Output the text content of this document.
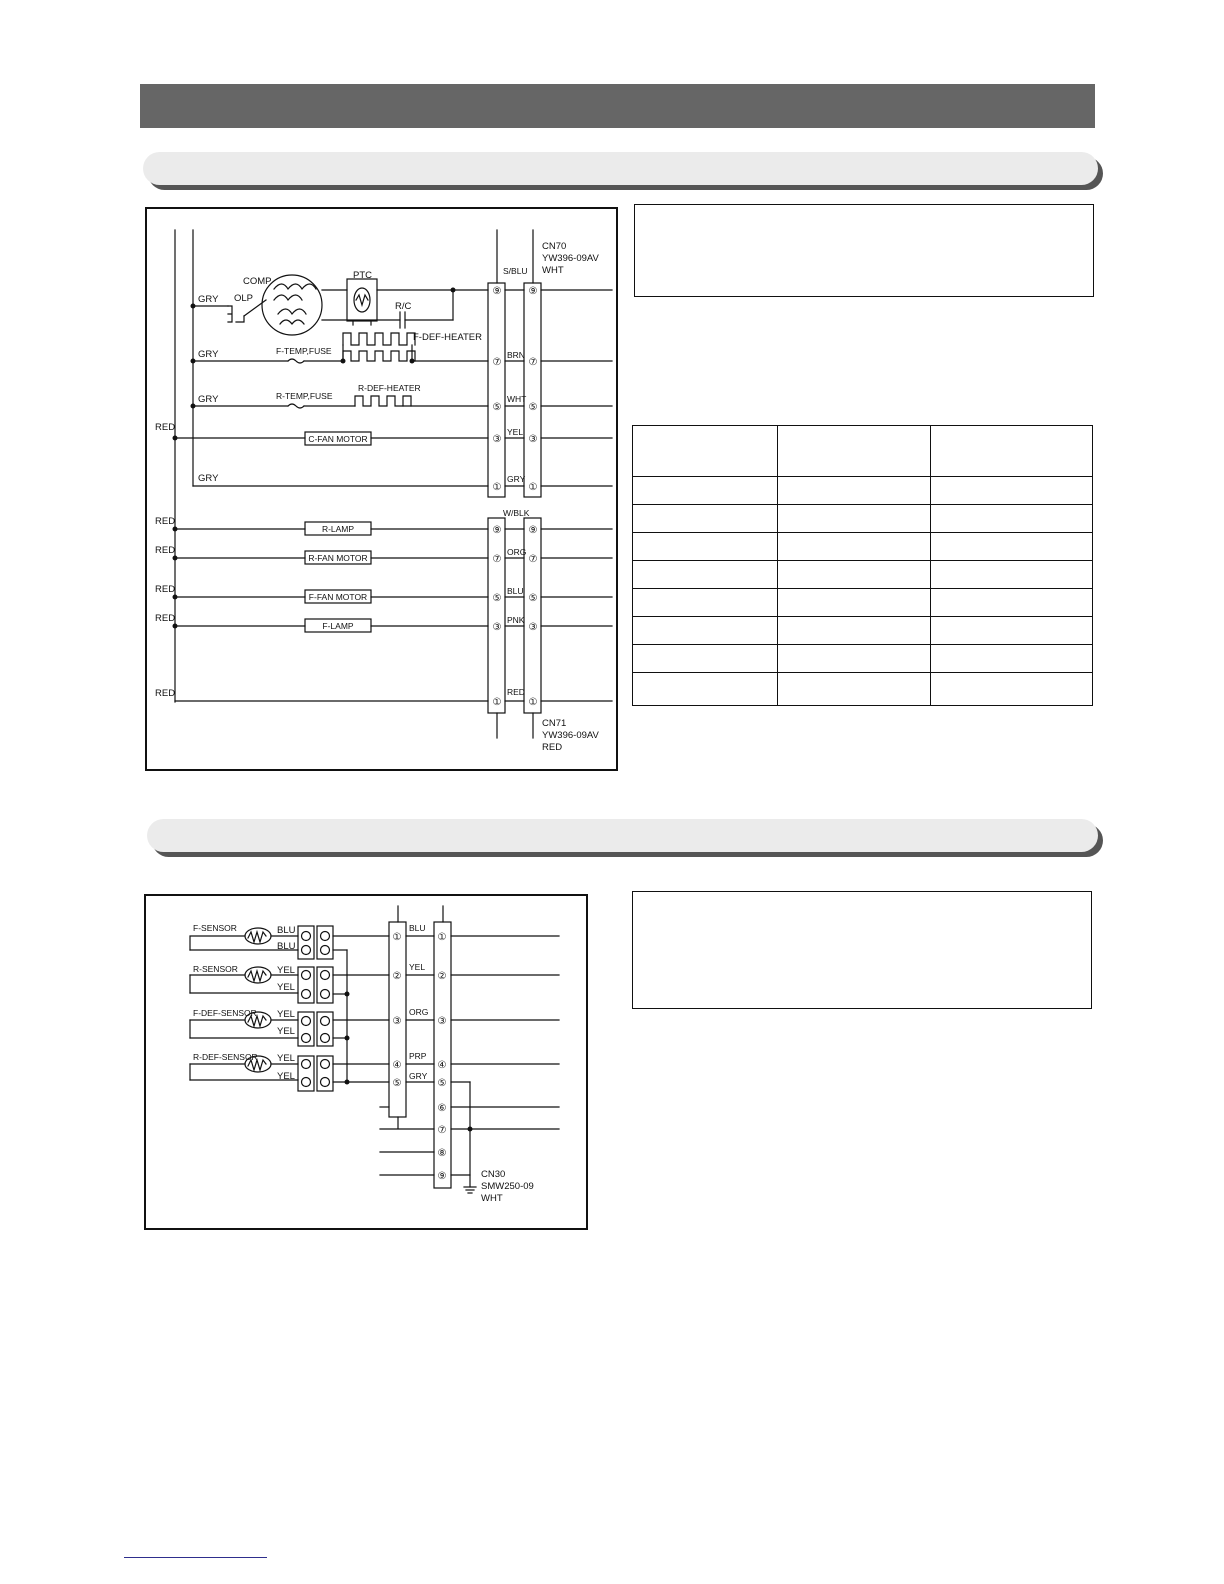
COMP
OLP
PTC
R/C
F-DEF-HEATER
F-TEMP,FUSE
R-TEMP,FUSE
R-DEF-HEATER
C-FAN MOTOR
R-LAMP
R-FAN MOTOR
F-FAN MOTOR
F-LAMP
GRY
GRY
GRY
GRY
RED
RED
RED
RED
RED
RED
CN70
YW396-09AV
WHT
CN71
YW396-09AV
RED
S/BLU
BRN
WHT
YEL
GRY
W/BLK
ORG
BLU
PNK
RED
⑨	⑨
⑦	⑦
⑤	⑤
③	③
①	①
⑨	⑨
⑦	⑦
⑤	⑤
③	③
①	①
F-SENSOR
R-SENSOR
F-DEF-SENSOR
R-DEF-SENSOR
BLU
BLU
YEL
YEL
YEL
YEL
YEL
YEL
BLU
YEL
ORG
PRP
GRY
①
②
③
④
⑤
①
②
③
④
⑤
⑥
⑦
⑧
⑨	CN30
SMW250-09
WHT
